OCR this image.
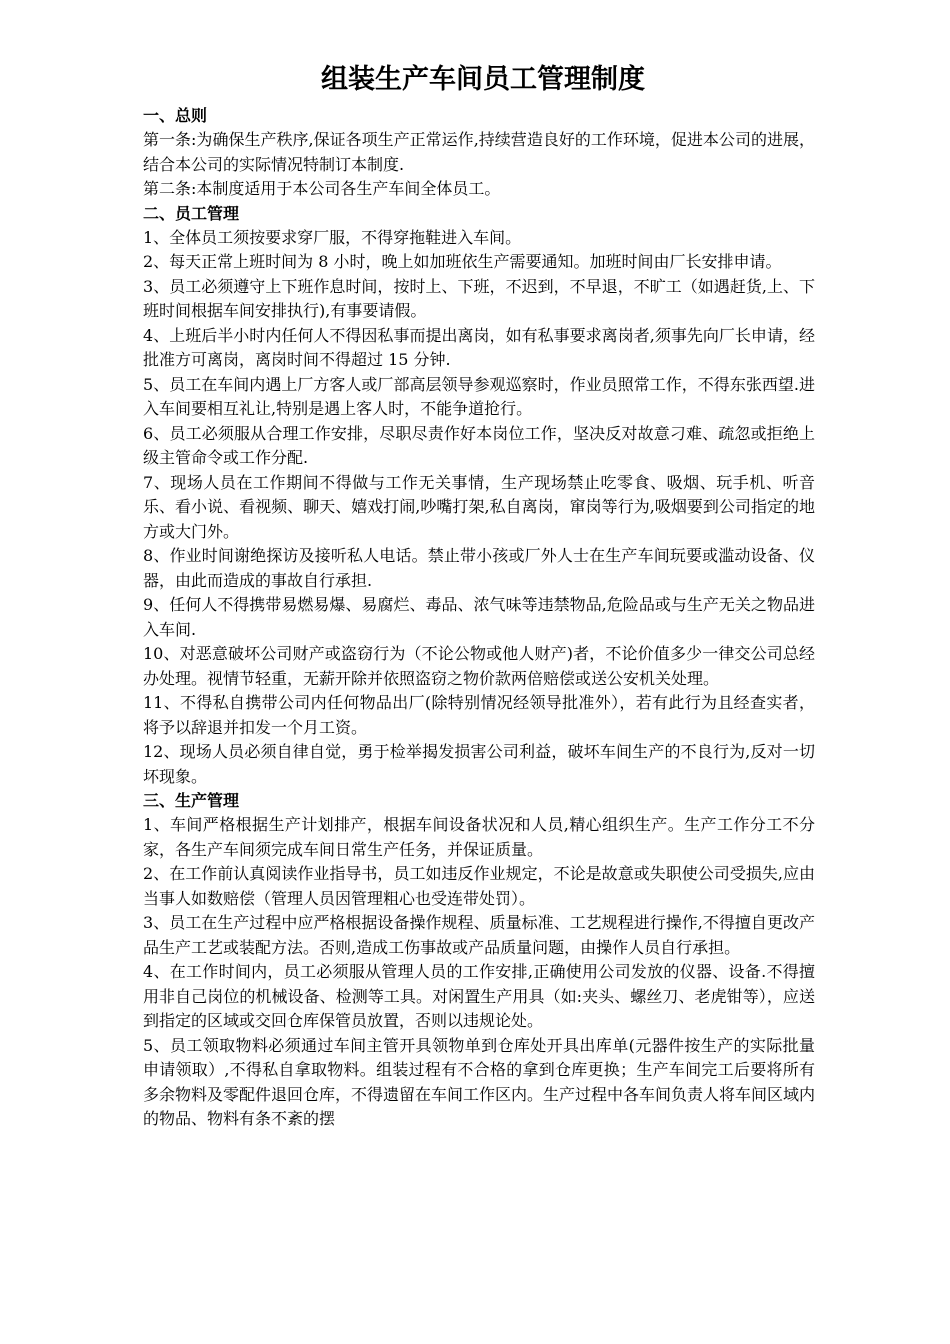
组装生产车间员工管理制度

一、总则

第一条:为确保生产秩序,保证各项生产正常运作,持续营造良好的工作环境，促进本公司的进展，结合本公司的实际情况特制订本制度.

第二条:本制度适用于本公司各生产车间全体员工。

二、员工管理

1、全体员工须按要求穿厂服，不得穿拖鞋进入车间。

2、每天正常上班时间为 8 小时，晚上如加班依生产需要通知。加班时间由厂长安排申请。

3、员工必须遵守上下班作息时间，按时上、下班，不迟到，不早退，不旷工（如遇赶货,上、下班时间根据车间安排执行),有事要请假。

4、上班后半小时内任何人不得因私事而提出离岗，如有私事要求离岗者,须事先向厂长申请，经批准方可离岗，离岗时间不得超过 15 分钟.

5、员工在车间内遇上厂方客人或厂部高层领导参观巡察时，作业员照常工作，不得东张西望.进入车间要相互礼让,特别是遇上客人时，不能争道抢行。

6、员工必须服从合理工作安排，尽职尽责作好本岗位工作，坚决反对故意刁难、疏忽或拒绝上级主管命令或工作分配.

7、现场人员在工作期间不得做与工作无关事情，生产现场禁止吃零食、吸烟、玩手机、听音乐、看小说、看视频、聊天、嬉戏打闹,吵嘴打架,私自离岗，窜岗等行为,吸烟要到公司指定的地方或大门外。

8、作业时间谢绝探访及接听私人电话。禁止带小孩或厂外人士在生产车间玩要或滥动设备、仪器，由此而造成的事故自行承担.

9、任何人不得携带易燃易爆、易腐烂、毒品、浓气味等违禁物品,危险品或与生产无关之物品进入车间.

10、对恶意破坏公司财产或盗窃行为（不论公物或他人财产)者，不论价值多少一律交公司总经办处理。视情节轻重，无薪开除并依照盗窃之物价款两倍赔偿或送公安机关处理。

11、不得私自携带公司内任何物品出厂(除特别情况经领导批准外），若有此行为且经查实者，将予以辞退并扣发一个月工资。

12、现场人员必须自律自觉，勇于检举揭发损害公司利益，破坏车间生产的不良行为,反对一切坏现象。

三、生产管理

1、车间严格根据生产计划排产，根据车间设备状况和人员,精心组织生产。生产工作分工不分家，各生产车间须完成车间日常生产任务，并保证质量。

2、在工作前认真阅读作业指导书，员工如违反作业规定，不论是故意或失职使公司受损失,应由当事人如数赔偿（管理人员因管理粗心也受连带处罚）。

3、员工在生产过程中应严格根据设备操作规程、质量标准、工艺规程进行操作,不得擅自更改产品生产工艺或装配方法。否则,造成工伤事故或产品质量问题，由操作人员自行承担。

4、在工作时间内，员工必须服从管理人员的工作安排,正确使用公司发放的仪器、设备.不得擅用非自己岗位的机械设备、检测等工具。对闲置生产用具（如:夹头、螺丝刀、老虎钳等），应送到指定的区域或交回仓库保管员放置，否则以违规论处。

5、员工领取物料必须通过车间主管开具领物单到仓库处开具出库单(元器件按生产的实际批量申请领取）,不得私自拿取物料。组装过程有不合格的拿到仓库更换；生产车间完工后要将所有多余物料及零配件退回仓库，不得遗留在车间工作区内。生产过程中各车间负责人将车间区域内的物品、物料有条不紊的摆
